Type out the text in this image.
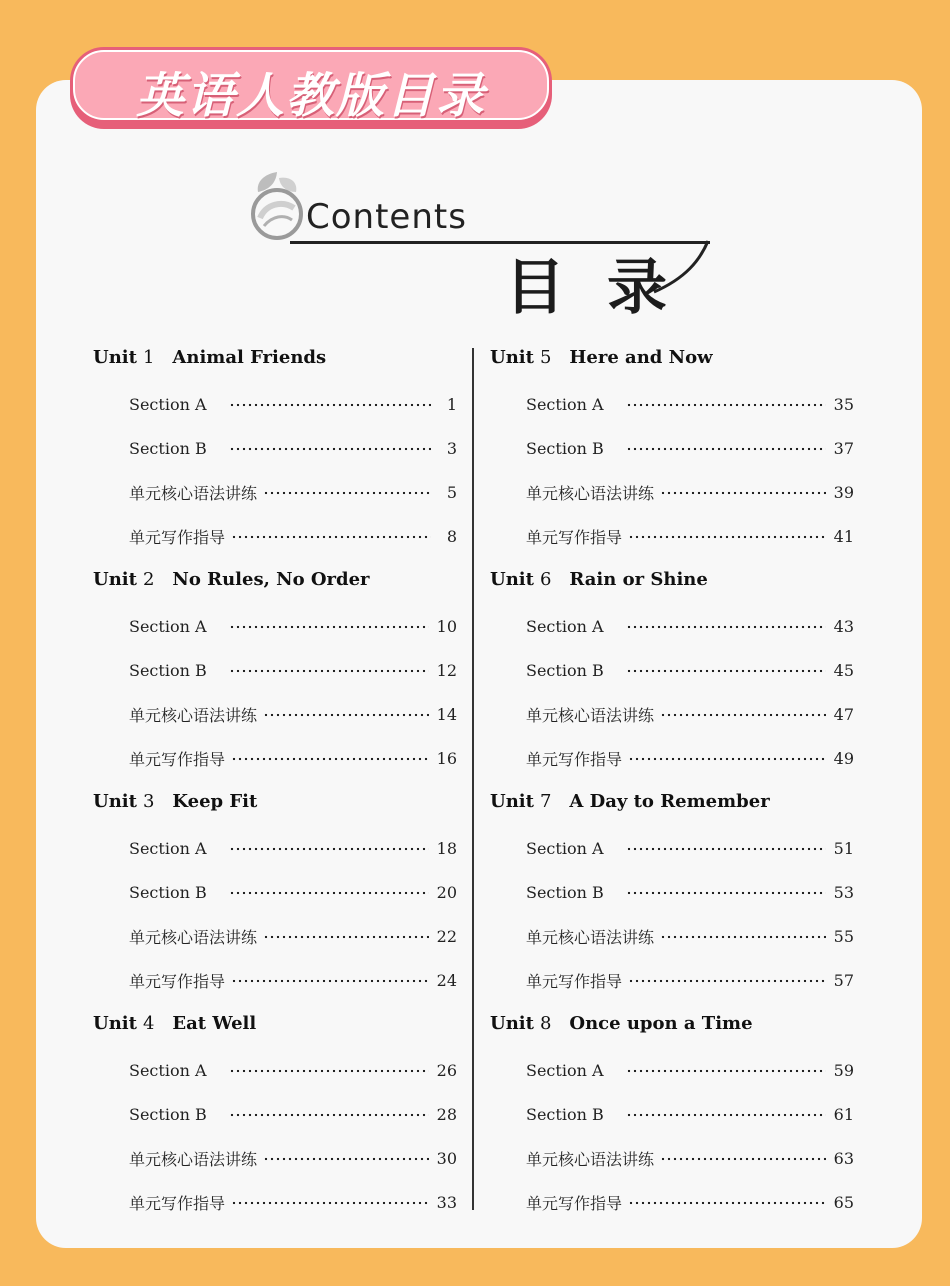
英语人教版目录
Contents
目录
Unit 1 Animal Friends
Section A	1
Section B	3
单元核心语法讲练	5
单元写作指导	8
Unit 2 No Rules, No Order
Section A	10
Section B	12
单元核心语法讲练	14
单元写作指导	16
Unit 3 Keep Fit
Section A	18
Section B	20
单元核心语法讲练	22
单元写作指导	24
Unit 4 Eat Well
Section A	26
Section B	28
单元核心语法讲练	30
单元写作指导	33
Unit 5 Here and Now
Section A	35
Section B	37
单元核心语法讲练	39
单元写作指导	41
Unit 6 Rain or Shine
Section A	43
Section B	45
单元核心语法讲练	47
单元写作指导	49
Unit 7 A Day to Remember
Section A	51
Section B	53
单元核心语法讲练	55
单元写作指导	57
Unit 8 Once upon a Time
Section A	59
Section B	61
单元核心语法讲练	63
单元写作指导	65
